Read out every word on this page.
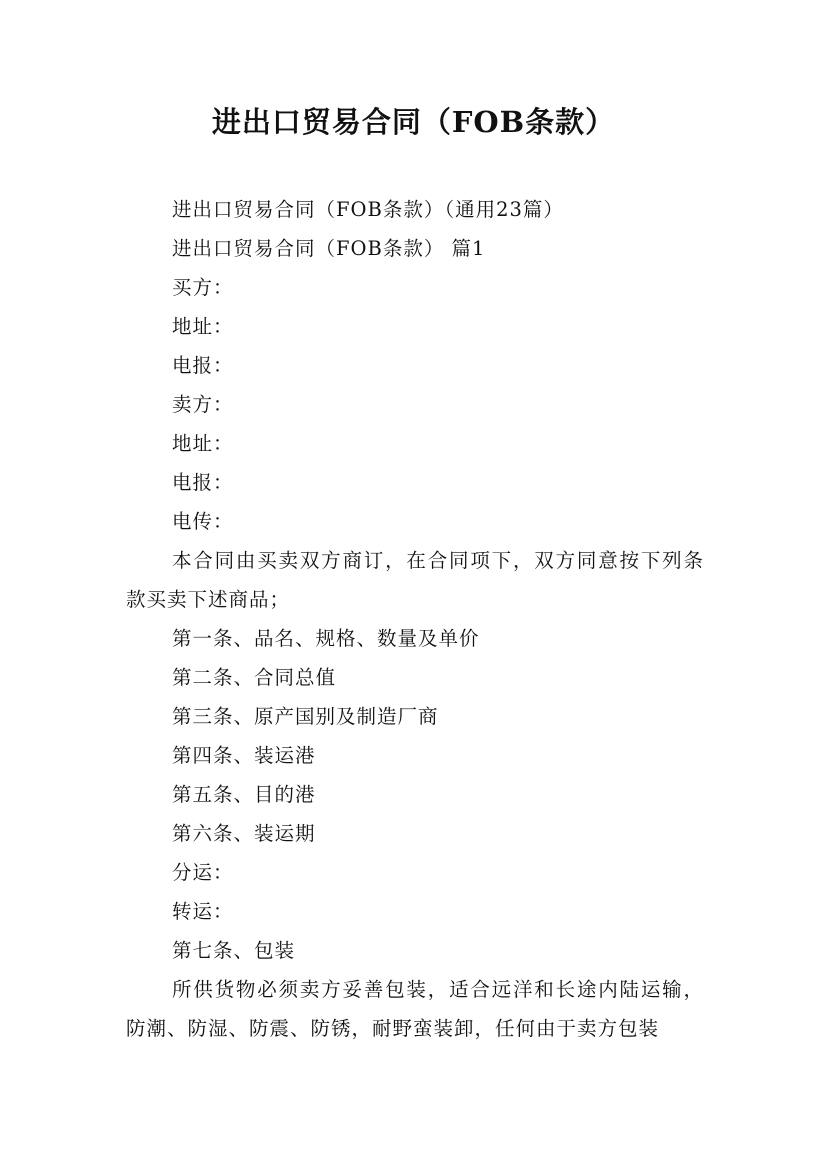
进出口贸易合同（FOB条款）

进出口贸易合同（FOB条款）（通用23篇）

进出口贸易合同（FOB条款） 篇1

买方：

地址：

电报：

卖方：

地址：

电报：

电传：

本合同由买卖双方商订，在合同项下，双方同意按下列条款买卖下述商品；

第一条、品名、规格、数量及单价

第二条、合同总值

第三条、原产国别及制造厂商

第四条、装运港

第五条、目的港

第六条、装运期

分运：

转运：

第七条、包装

所供货物必须卖方妥善包装，适合远洋和长途内陆运输，防潮、防湿、防震、防锈，耐野蛮装卸，任何由于卖方包装
